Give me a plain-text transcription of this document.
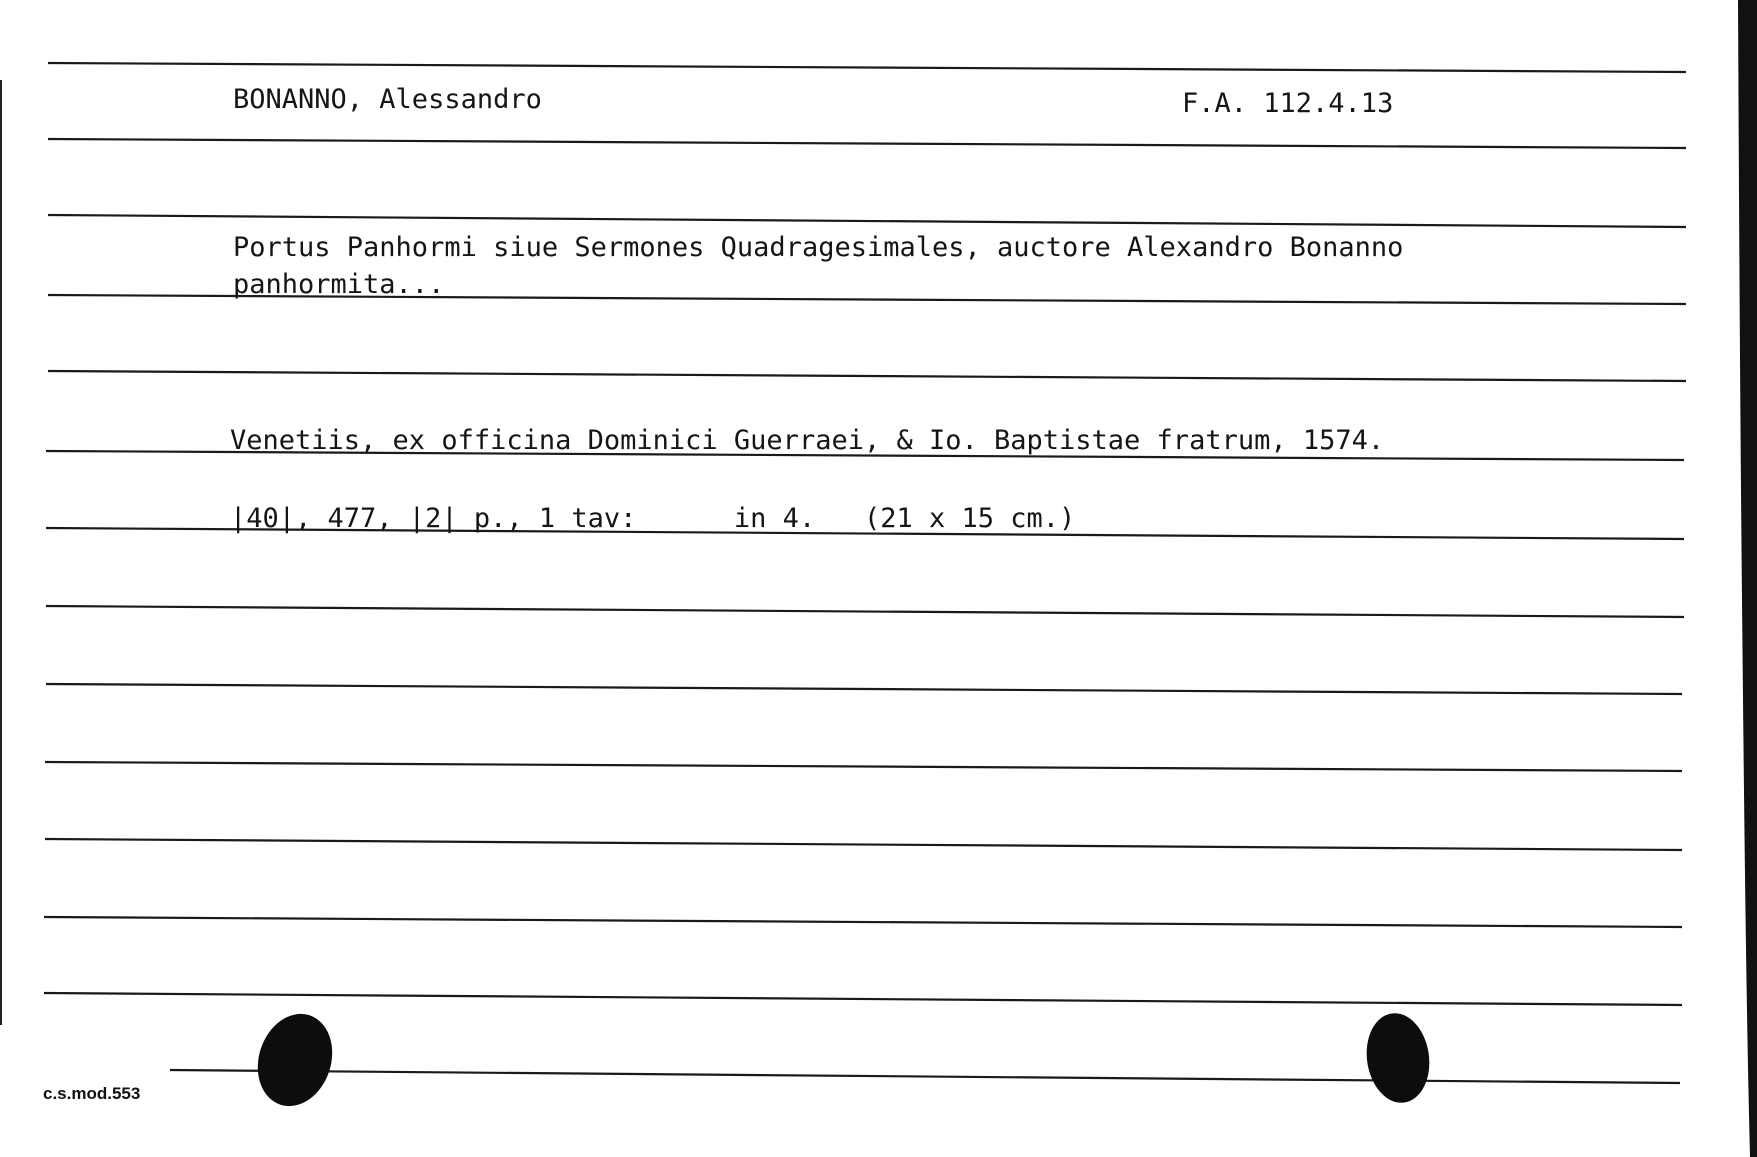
BONANNO, Alessandro	F.A. 112.4.13
Portus Panhormi siue Sermones Quadragesimales, auctore Alexandro Bonanno
panhormita...
Venetiis, ex officina Dominici Guerraei, & Io. Baptistae fratrum, 1574.
|40|, 477, |2| p., 1 tav:      in 4.   (21 x 15 cm.)
c.s.mod.553
